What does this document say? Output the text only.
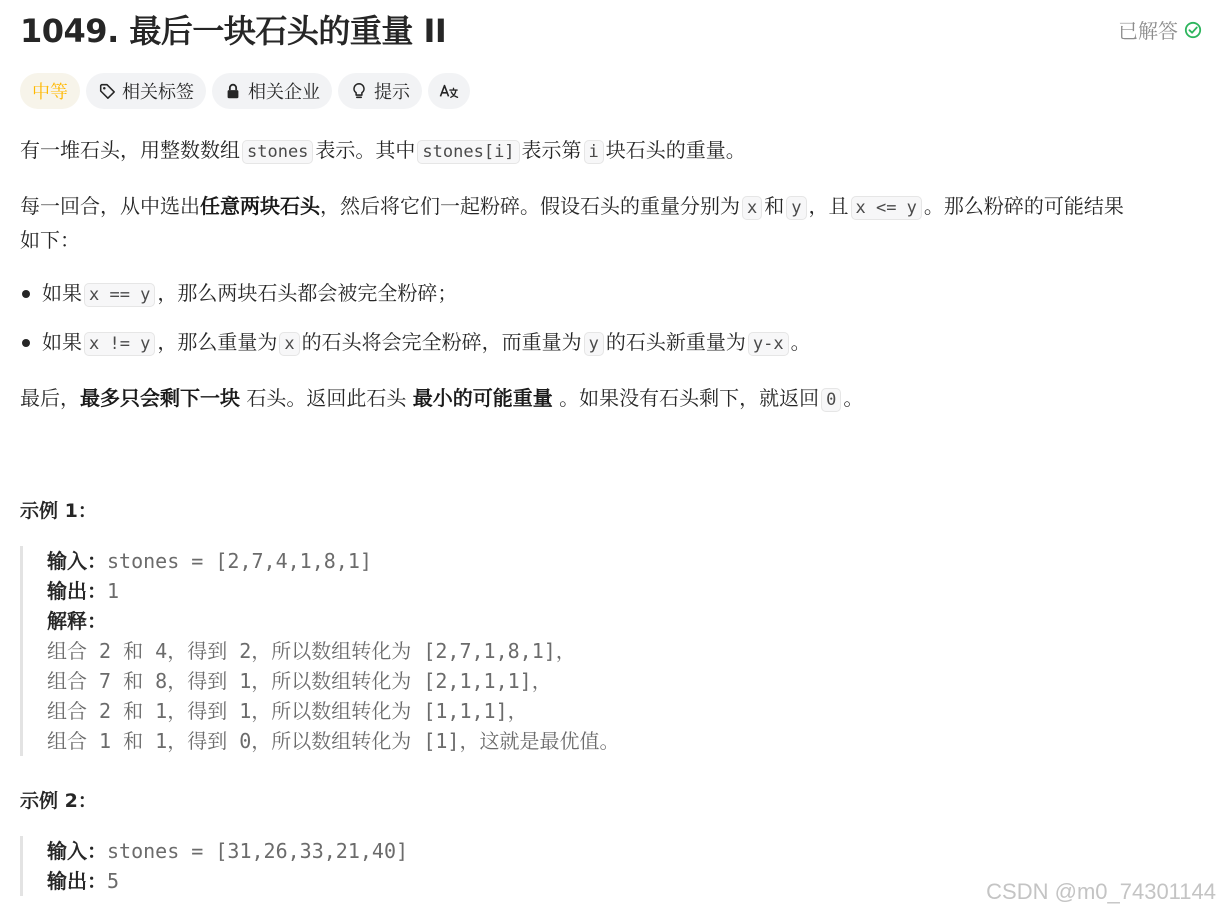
1049. 最后一块石头的重量 II	已解答
中等	相关标签	相关企业	提示
有一堆石头，用整数数组 stones 表示。其中 stones[i] 表示第 i 块石头的重量。
每一回合，从中选出任意两块石头，然后将它们一起粉碎。假设石头的重量分别为 x 和 y ，且 x <= y 。那么粉碎的可能结果
如下：
如果 x == y ，那么两块石头都会被完全粉碎；
如果 x != y ，那么重量为 x 的石头将会完全粉碎，而重量为 y 的石头新重量为 y-x 。
最后，最多只会剩下一块 石头。返回此石头 最小的可能重量 。如果没有石头剩下，就返回 0 。
示例 1：
输入：stones = [2,7,4,1,8,1]
输出：1
解释：
组合 2 和 4，得到 2，所以数组转化为 [2,7,1,8,1]，
组合 7 和 8，得到 1，所以数组转化为 [2,1,1,1]，
组合 2 和 1，得到 1，所以数组转化为 [1,1,1]，
组合 1 和 1，得到 0，所以数组转化为 [1]，这就是最优值。
示例 2：
输入：stones = [31,26,33,21,40]
输出：5	CSDN @m0_74301144
